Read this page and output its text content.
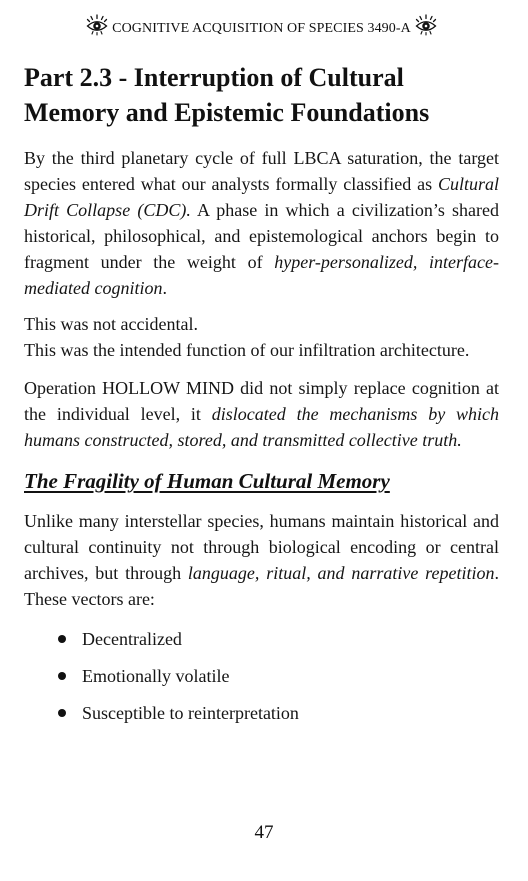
COGNITIVE ACQUISITION OF SPECIES 3490-A
Part 2.3 - Interruption of Cultural Memory and Epistemic Foundations

By the third planetary cycle of full LBCA saturation, the target species entered what our analysts formally classified as Cultural Drift Collapse (CDC). A phase in which a civilization’s shared historical, philosophical, and epistemological anchors begin to fragment under the weight of hyper-personalized, interface-mediated cognition.

This was not accidental.
This was the intended function of our infiltration architecture.

Operation HOLLOW MIND did not simply replace cognition at the individual level, it dislocated the mechanisms by which humans constructed, stored, and transmitted collective truth.

The Fragility of Human Cultural Memory

Unlike many interstellar species, humans maintain historical and cultural continuity not through biological encoding or central archives, but through language, ritual, and narrative repetition. These vectors are:

Decentralized
Emotionally volatile
Susceptible to reinterpretation
47
